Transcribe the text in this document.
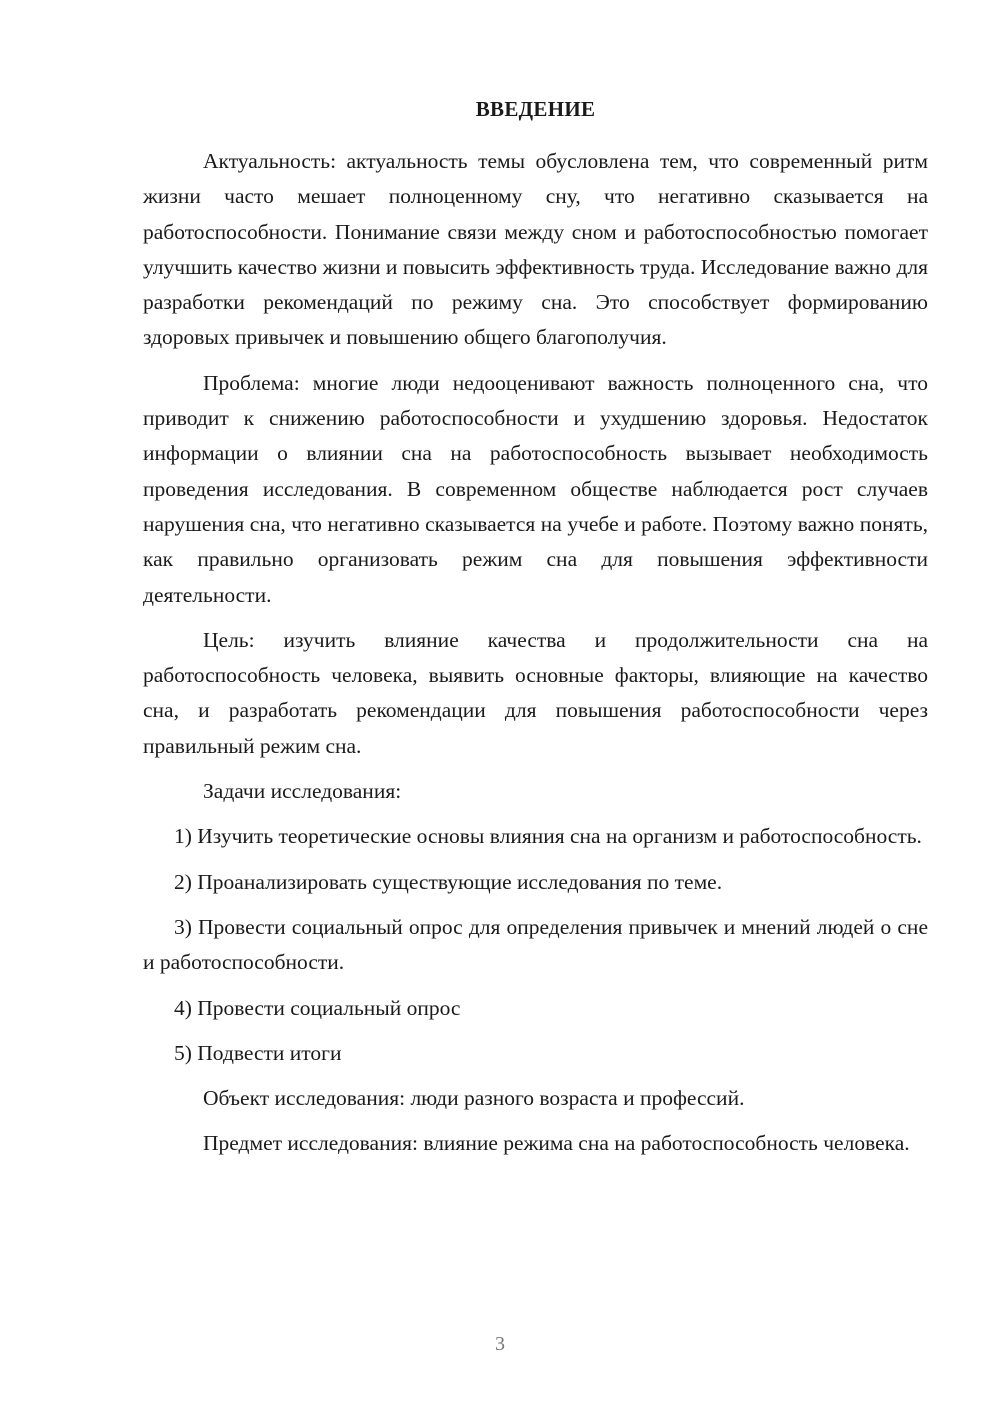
ВВЕДЕНИЕ

Актуальность: актуальность темы обусловлена тем, что современный ритм жизни часто мешает полноценному сну, что негативно сказывается на работоспособности. Понимание связи между сном и работоспособностью помогает улучшить качество жизни и повысить эффективность труда. Исследование важно для разработки рекомендаций по режиму сна. Это способствует формированию здоровых привычек и повышению общего благополучия.

Проблема: многие люди недооценивают важность полноценного сна, что приводит к снижению работоспособности и ухудшению здоровья. Недостаток информации о влиянии сна на работоспособность вызывает необходимость проведения исследования. В современном обществе наблюдается рост случаев нарушения сна, что негативно сказывается на учебе и работе. Поэтому важно понять, как правильно организовать режим сна для повышения эффективности деятельности.

Цель: изучить влияние качества и продолжительности сна на работоспособность человека, выявить основные факторы, влияющие на качество сна, и разработать рекомендации для повышения работоспособности через правильный режим сна.

Задачи исследования:

1) Изучить теоретические основы влияния сна на организм и работоспособность.

2) Проанализировать существующие исследования по теме.

3) Провести социальный опрос для определения привычек и мнений людей о сне и работоспособности.

4) Провести социальный опрос

5) Подвести итоги

Объект исследования: люди разного возраста и профессий.

Предмет исследования: влияние режима сна на работоспособность человека.

3
